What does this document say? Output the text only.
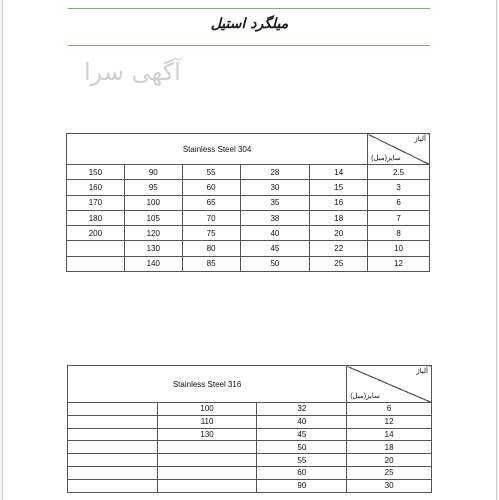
میلگرد استیل
آگهی سرا
Stainless Steel 304					آلیاژ
سایز(میل)

150	90	55	28	14	2.5
160	95	60	30	15	3
170	100	65	35	16	6
180	105	70	38	18	7
200	120	75	40	20	8
	130	80	45	22	10
	140	85	50	25	12
Stainless Steel 316			آلیاژ
سایز(میل)

	100	32	6
	110	40	12
	130	45	14
		50	18
		55	20
		60	25
		90	30
